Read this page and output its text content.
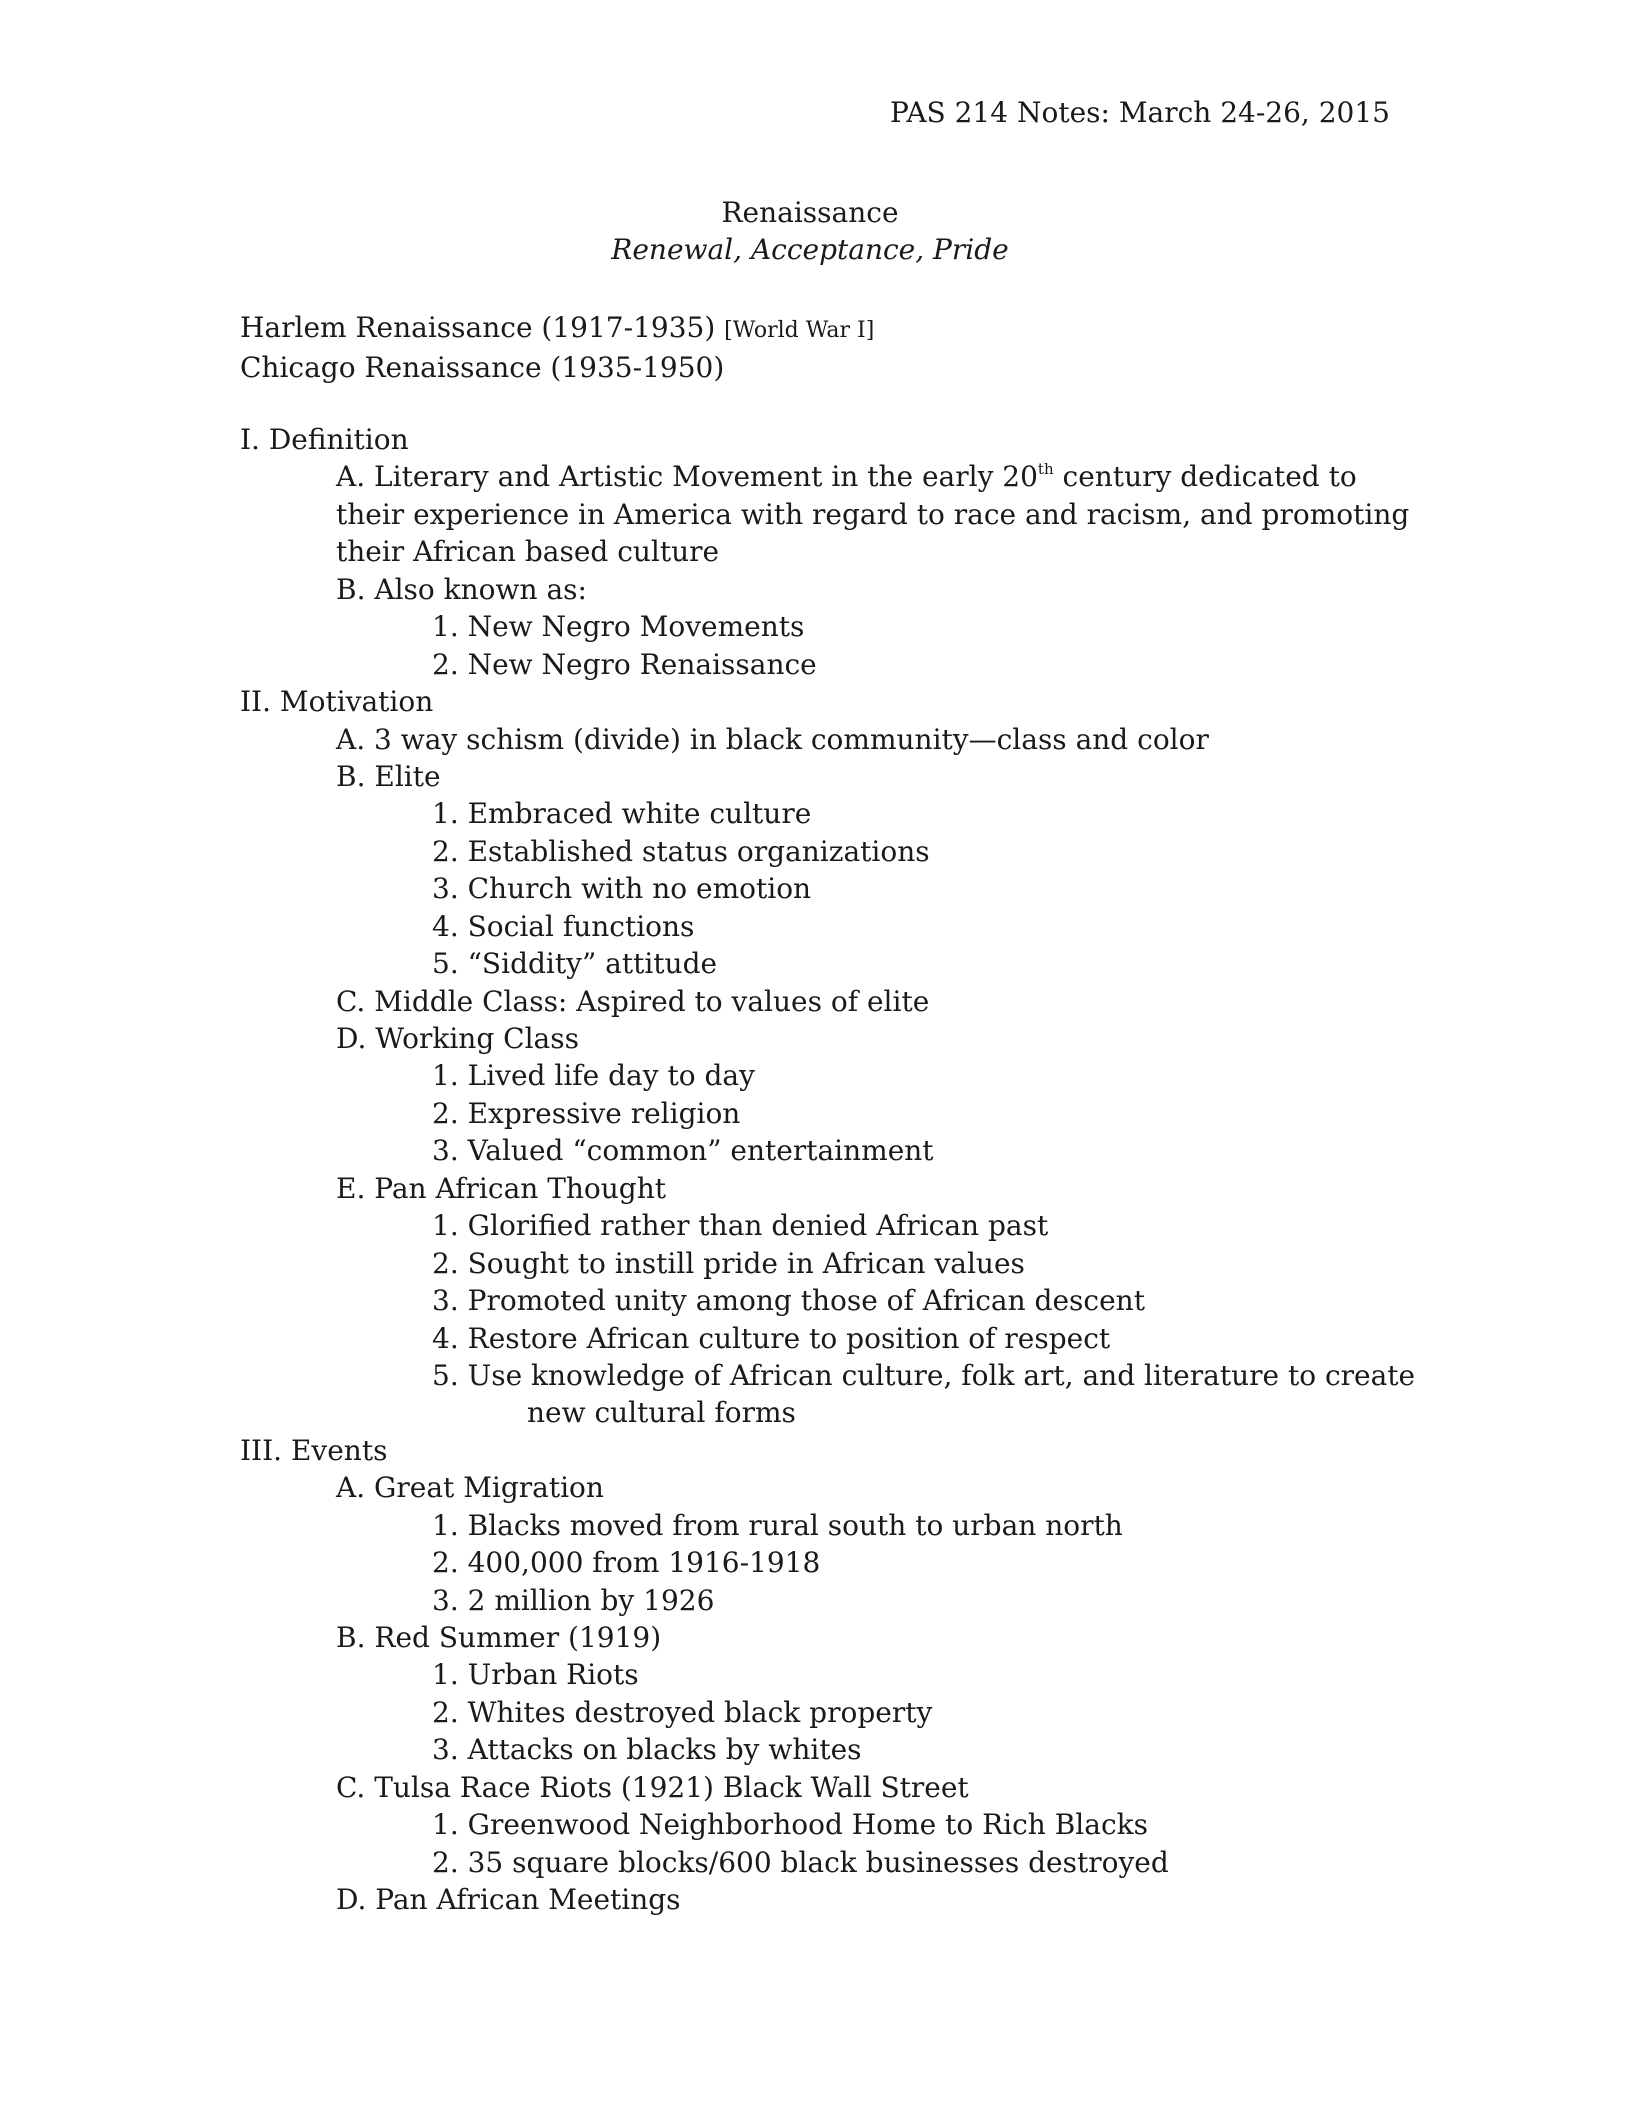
PAS 214 Notes: March 24-26, 2015
Renaissance
Renewal, Acceptance, Pride
Harlem Renaissance (1917-1935) [World War I]
Chicago Renaissance (1935-1950)
I. Definition
A. Literary and Artistic Movement in the early 20th century dedicated to
their experience in America with regard to race and racism, and promoting
their African based culture
B. Also known as:
1. New Negro Movements
2. New Negro Renaissance
II. Motivation
A. 3 way schism (divide) in black community—class and color
B. Elite
1. Embraced white culture
2. Established status organizations
3. Church with no emotion
4. Social functions
5. “Siddity” attitude
C. Middle Class: Aspired to values of elite
D. Working Class
1. Lived life day to day
2. Expressive religion
3. Valued “common” entertainment
E. Pan African Thought
1. Glorified rather than denied African past
2. Sought to instill pride in African values
3. Promoted unity among those of African descent
4. Restore African culture to position of respect
5. Use knowledge of African culture, folk art, and literature to create
new cultural forms
III. Events
A. Great Migration
1. Blacks moved from rural south to urban north
2. 400,000 from 1916-1918
3. 2 million by 1926
B. Red Summer (1919)
1. Urban Riots
2. Whites destroyed black property
3. Attacks on blacks by whites
C. Tulsa Race Riots (1921) Black Wall Street
1. Greenwood Neighborhood Home to Rich Blacks
2. 35 square blocks/600 black businesses destroyed
D. Pan African Meetings
